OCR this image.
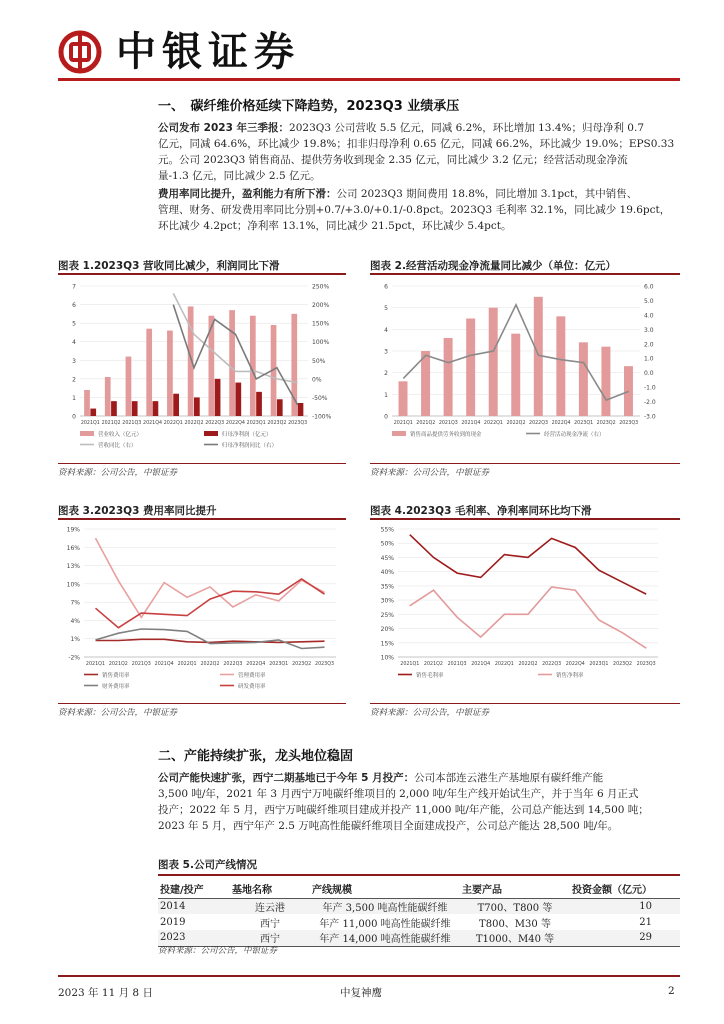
中银证券
一、　碳纤维价格延续下降趋势，2023Q3 业绩承压
公司发布 2023 年三季报：2023Q3 公司营收 5.5 亿元，同减 6.2%，环比增加 13.4%；归母净利 0.7
亿元，同减 64.6%，环比减少 19.8%；扣非归母净利 0.65 亿元，同减 66.2%，环比减少 19.0%；EPS0.33
元。公司 2023Q3 销售商品、提供劳务收到现金 2.35 亿元，同比减少 3.2 亿元；经营活动现金净流
量-1.3 亿元，同比减少 2.5 亿元。
费用率同比提升，盈利能力有所下滑：公司 2023Q3 期间费用 18.8%，同比增加 3.1pct，其中销售、
管理、财务、研发费用率同比分别+0.7/+3.0/+0.1/-0.8pct。2023Q3 毛利率 32.1%，同比减少 19.6pct，
环比减少 4.2pct；净利率 13.1%，同比减少 21.5pct，环比减少 5.4pct。
图表 1.2023Q3 营收同比减少，利润同比下滑	图表 2.经营活动现金净流量同比减少（单位：亿元）
7
6
5
4
3
2
1
0
250%
200%
150%
100%
50%
0%
-50%
-100%
2021Q1 2021Q2 2021Q3 2021Q4 2022Q1 2022Q2 2022Q3 2022Q4 2023Q1 2023Q2 2023Q3
营业收入（亿元）	归母净利润（亿元）
营收同比（右）	归母净利润同比（右）
6
5
4
3
2
1
0
6.0
5.0
4.0
3.0
2.0
1.0
0.0
-1.0
-2.0
-3.0
2021Q1 2021Q2 2021Q3 2021Q4 2022Q1 2022Q2 2022Q3 2022Q4 2023Q1 2023Q2 2023Q3
销售商品提供劳务收到的现金	经营活动现金净流（右）
资料来源：公司公告，中银证券	资料来源：公司公告，中银证券
图表 3.2023Q3 费用率同比提升	图表 4.2023Q3 毛利率、净利率同环比均下滑
19%
16%
13%
10%
7%
4%
1%
-2%
2021Q1 2021Q2 2021Q3 2021Q4 2022Q1 2022Q2 2022Q3 2022Q4 2023Q1 2023Q2 2023Q3
销售费用率	管理费用率
财务费用率	研发费用率
55%
50%
45%
40%
35%
30%
25%
20%
15%
10%
2021Q1 2021Q2 2021Q3 2021Q4 2022Q1 2022Q2 2022Q3 2022Q4 2023Q1 2023Q2 2023Q3
销售毛利率	销售净利率
资料来源：公司公告，中银证券	资料来源：公司公告，中银证券
二、产能持续扩张，龙头地位稳固
公司产能快速扩张，西宁二期基地已于今年 5 月投产：公司本部连云港生产基地原有碳纤维产能
3,500 吨/年，2021 年 3 月西宁万吨碳纤维项目的 2,000 吨/年生产线开始试生产，并于当年 6 月正式
投产；2022 年 5 月，西宁万吨碳纤维项目建成并投产 11,000 吨/年产能，公司总产能达到 14,500 吨；
2023 年 5 月，西宁年产 2.5 万吨高性能碳纤维项目全面建成投产，公司总产能达 28,500 吨/年。
图表 5.公司产线情况
投建/投产	基地名称	产线规模	主要产品	投资金额（亿元）
2014	连云港	年产 3,500 吨高性能碳纤维	T700、T800 等	10
2019	西宁	年产 11,000 吨高性能碳纤维	T800、M30 等	21
2023	西宁	年产 14,000 吨高性能碳纤维	T1000、M40 等	29
资料来源：公司公告，中银证券
2023 年 11 月 8 日	中复神鹰	2
